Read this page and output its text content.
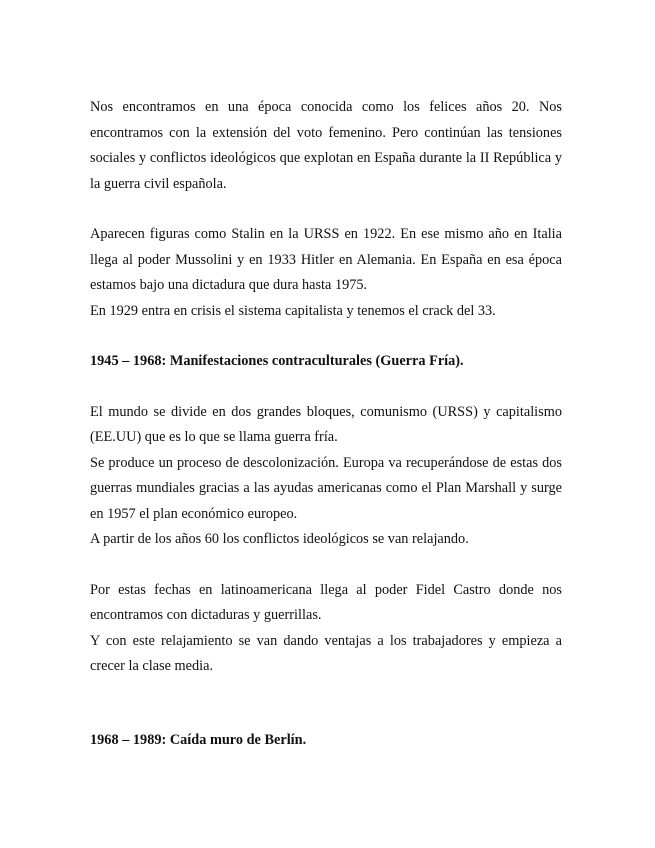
Nos encontramos en una época conocida como los felices años 20. Nos encontramos con la extensión del voto femenino. Pero continúan las tensiones sociales y conflictos ideológicos que explotan en España durante la II República y la guerra civil española.

Aparecen figuras como Stalin en la URSS en 1922. En ese mismo año en Italia llega al poder Mussolini y en 1933 Hitler en Alemania. En España en esa época estamos bajo una dictadura que dura hasta 1975.

En 1929 entra en crisis el sistema capitalista y tenemos el crack del 33.

1945 – 1968: Manifestaciones contraculturales (Guerra Fría).

El mundo se divide en dos grandes bloques, comunismo (URSS) y capitalismo (EE.UU) que es lo que se llama guerra fría.

Se produce un proceso de descolonización. Europa va recuperándose de estas dos guerras mundiales gracias a las ayudas americanas como el Plan Marshall y surge en 1957 el plan económico europeo.

A partir de los años 60 los conflictos ideológicos se van relajando.

Por estas fechas en latinoamericana llega al poder Fidel Castro donde nos encontramos con dictaduras y guerrillas.

Y con este relajamiento se van dando ventajas a los trabajadores y empieza a crecer la clase media.

1968 – 1989: Caída muro de Berlín.
